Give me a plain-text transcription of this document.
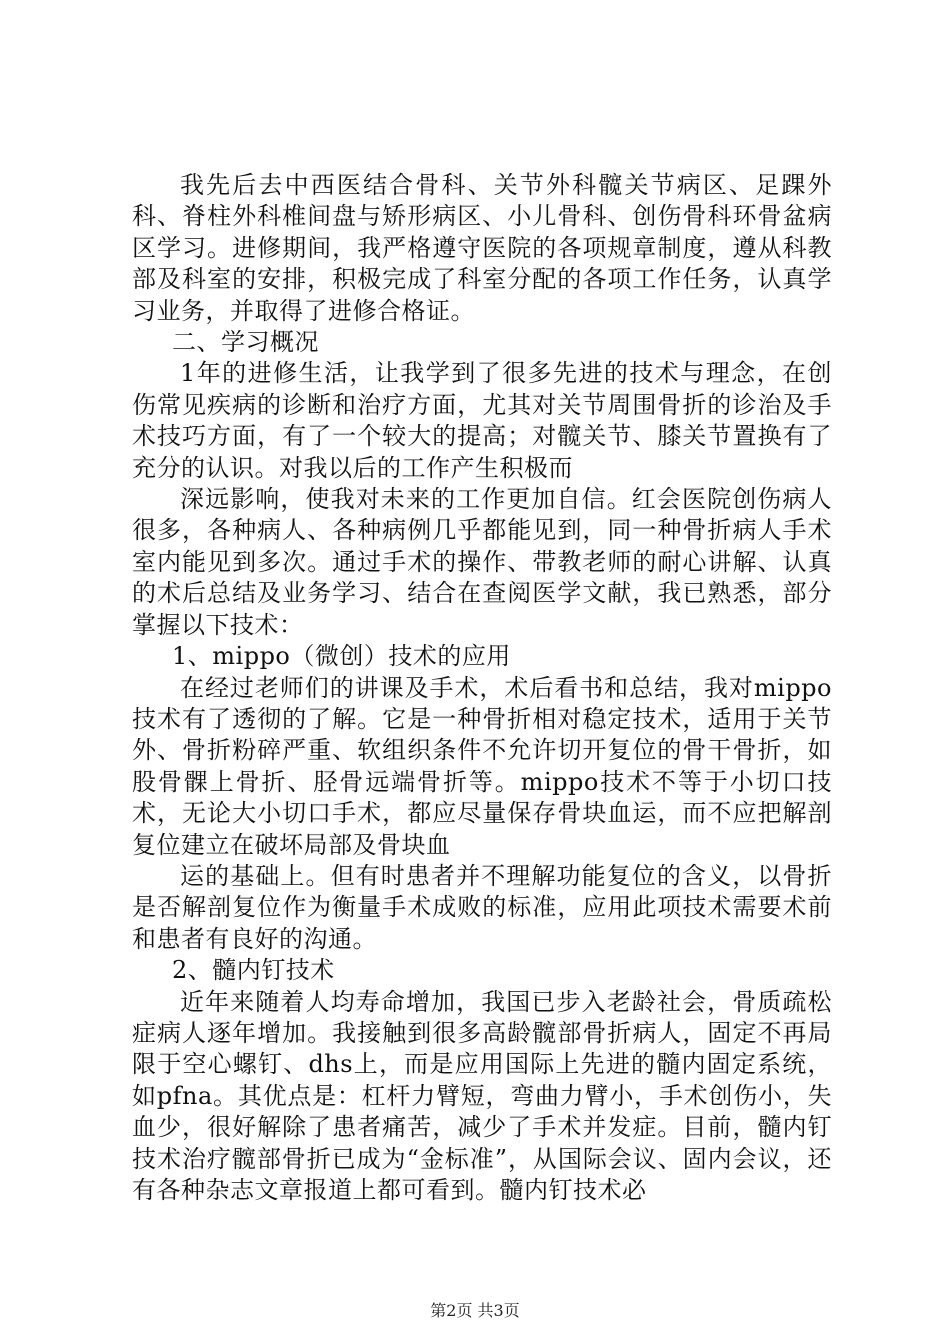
我先后去中西医结合骨科、关节外科髋关节病区、足踝外科、脊柱外科椎间盘与矫形病区、小儿骨科、创伤骨科环骨盆病区学习。进修期间，我严格遵守医院的各项规章制度，遵从科教部及科室的安排，积极完成了科室分配的各项工作任务，认真学习业务，并取得了进修合格证。

二、学习概况

1年的进修生活，让我学到了很多先进的技术与理念，在创伤常见疾病的诊断和治疗方面，尤其对关节周围骨折的诊治及手术技巧方面，有了一个较大的提高；对髋关节、膝关节置换有了充分的认识。对我以后的工作产生积极而

深远影响，使我对未来的工作更加自信。红会医院创伤病人很多，各种病人、各种病例几乎都能见到，同一种骨折病人手术室内能见到多次。通过手术的操作、带教老师的耐心讲解、认真的术后总结及业务学习、结合在查阅医学文献，我已熟悉，部分掌握以下技术：

1、mippo（微创）技术的应用

在经过老师们的讲课及手术，术后看书和总结，我对mippo技术有了透彻的了解。它是一种骨折相对稳定技术，适用于关节外、骨折粉碎严重、软组织条件不允许切开复位的骨干骨折，如股骨髁上骨折、胫骨远端骨折等。mippo技术不等于小切口技术，无论大小切口手术，都应尽量保存骨块血运，而不应把解剖复位建立在破坏局部及骨块血

运的基础上。但有时患者并不理解功能复位的含义，以骨折是否解剖复位作为衡量手术成败的标准，应用此项技术需要术前和患者有良好的沟通。

2、髓内钉技术

近年来随着人均寿命增加，我国已步入老龄社会，骨质疏松症病人逐年增加。我接触到很多高龄髋部骨折病人，固定不再局限于空心螺钉、dhs上，而是应用国际上先进的髓内固定系统，如pfna。其优点是：杠杆力臂短，弯曲力臂小，手术创伤小，失血少，很好解除了患者痛苦，减少了手术并发症。目前，髓内钉技术治疗髋部骨折已成为“金标准”，从国际会议、固内会议，还有各种杂志文章报道上都可看到。髓内钉技术必

第2页 共3页
